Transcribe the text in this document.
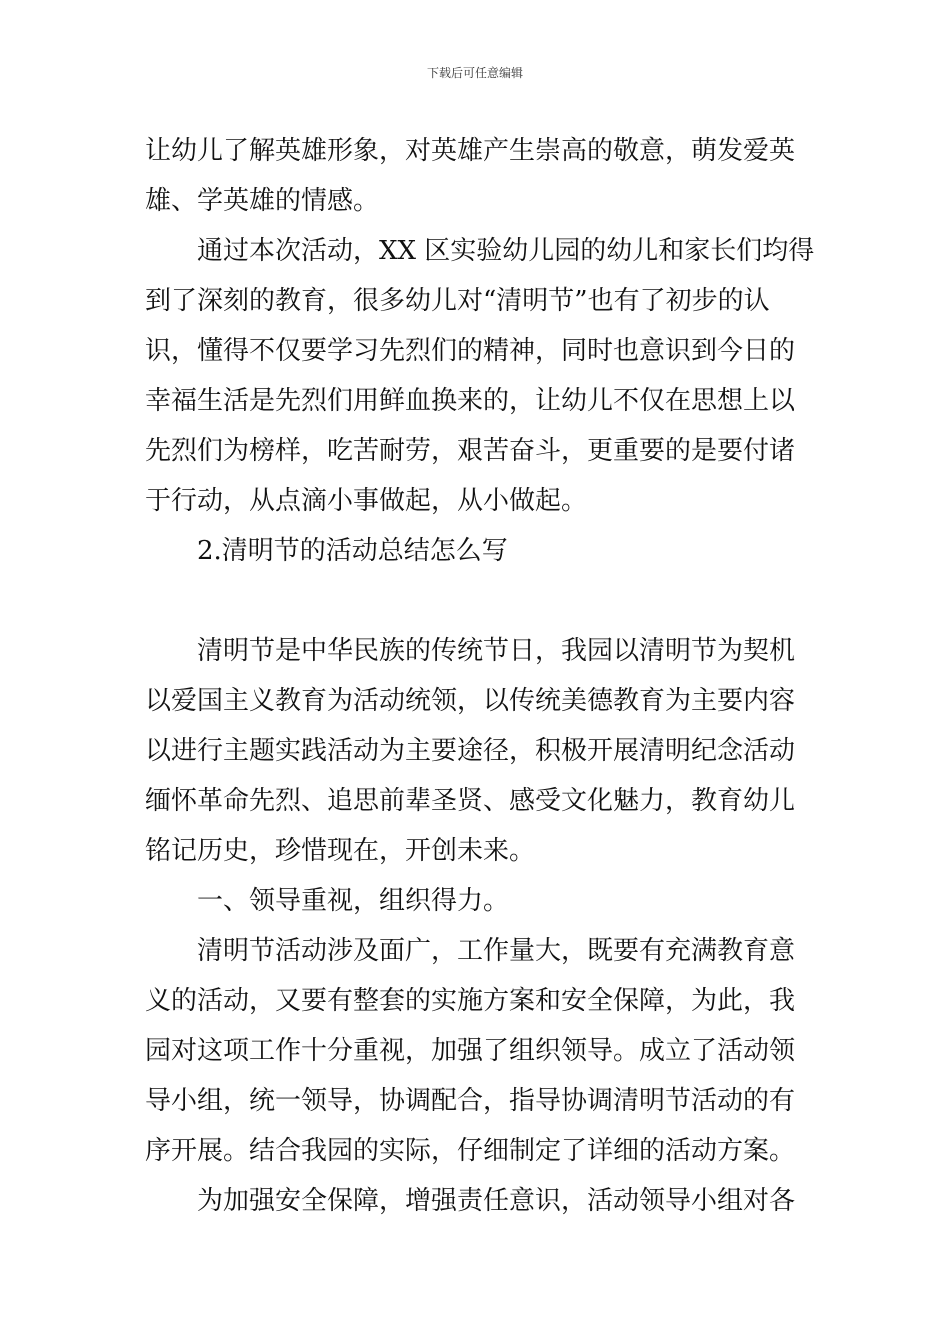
下载后可任意编辑
让幼儿了解英雄形象，对英雄产生崇高的敬意，萌发爱英
雄、学英雄的情感。
通过本次活动，XX 区实验幼儿园的幼儿和家长们均得
到了深刻的教育，很多幼儿对“清明节”也有了初步的认
识，懂得不仅要学习先烈们的精神，同时也意识到今日的
幸福生活是先烈们用鲜血换来的，让幼儿不仅在思想上以
先烈们为榜样，吃苦耐劳，艰苦奋斗，更重要的是要付诸
于行动，从点滴小事做起，从小做起。
2.清明节的活动总结怎么写
清明节是中华民族的传统节日，我园以清明节为契机
以爱国主义教育为活动统领，以传统美德教育为主要内容
以进行主题实践活动为主要途径，积极开展清明纪念活动
缅怀革命先烈、追思前辈圣贤、感受文化魅力，教育幼儿
铭记历史，珍惜现在，开创未来。
一、领导重视，组织得力。
清明节活动涉及面广，工作量大，既要有充满教育意
义的活动，又要有整套的实施方案和安全保障，为此，我
园对这项工作十分重视，加强了组织领导。成立了活动领
导小组，统一领导，协调配合，指导协调清明节活动的有
序开展。结合我园的实际，仔细制定了详细的活动方案。
为加强安全保障，增强责任意识，活动领导小组对各
